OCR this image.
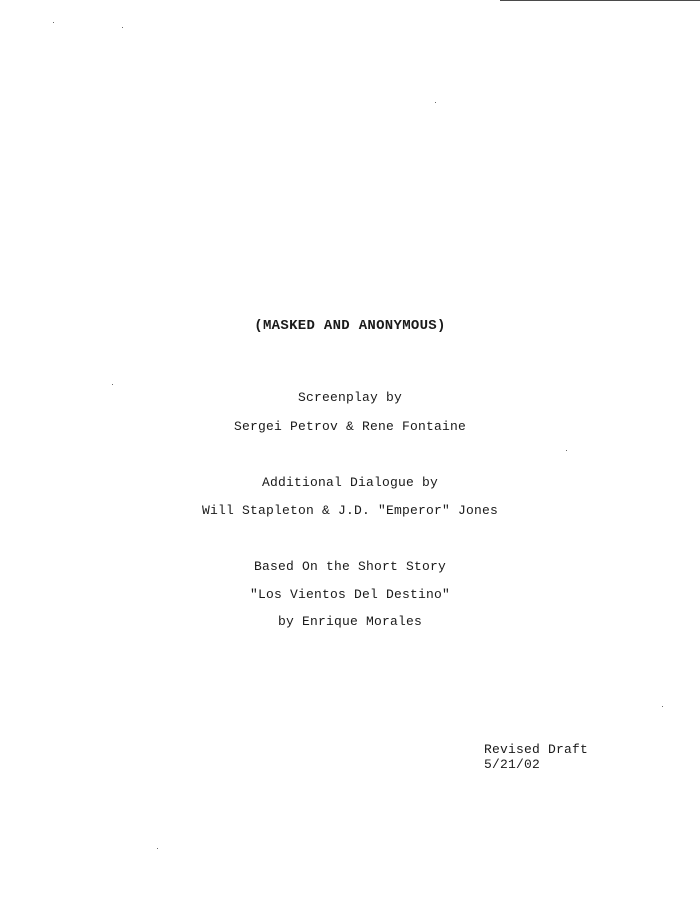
(MASKED AND ANONYMOUS)
Screenplay by
Sergei Petrov & Rene Fontaine
Additional Dialogue by
Will Stapleton & J.D. "Emperor" Jones
Based On the Short Story
"Los Vientos Del Destino"
by Enrique Morales
Revised Draft
5/21/02
